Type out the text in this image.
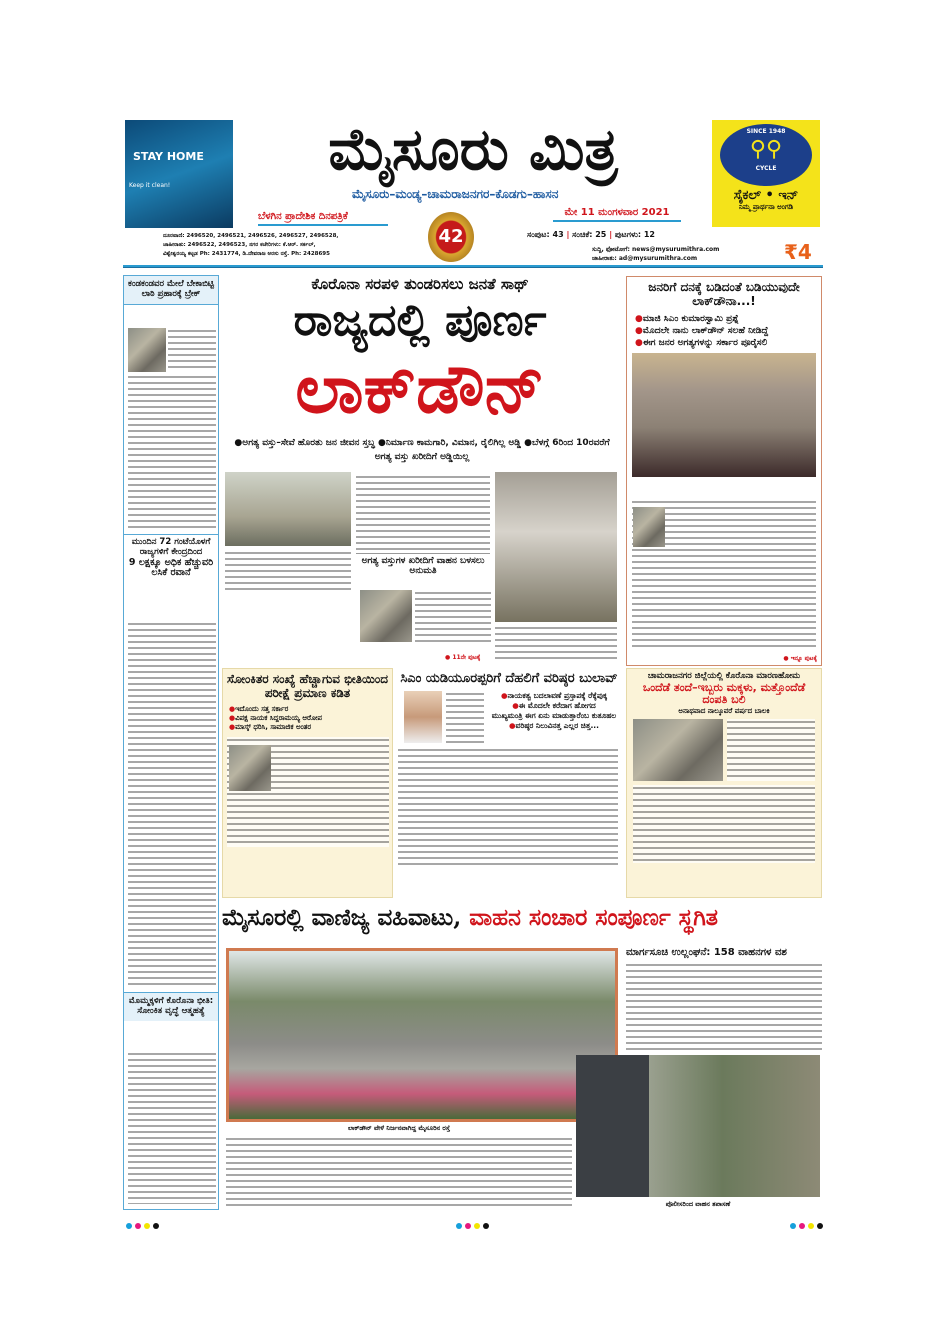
STAY HOME
Keep it clean!
ಮೈಸೂರು ಮಿತ್ರ
ಮೈಸೂರು–ಮಂಡ್ಯ–ಚಾಮರಾಜನಗರ–ಕೊಡಗು–ಹಾಸನ
ಬೆಳಗಿನ ಪ್ರಾದೇಶಿಕ ದಿನಪತ್ರಿಕೆ
42
ಮೇ 11 ಮಂಗಳವಾರ 2021
ಸಂಪುಟ: 43 | ಸಂಚಿಕೆ: 25 | ಪುಟಗಳು: 12
ದೂರವಾಣಿ: 2496520, 2496521, 2496526, 2496527, 2496528,
ಜಾಹೀರಾತು: 2496522, 2496523, ನಗರ ಕಚೇರಿಗಳು: ಕೆ.ಆರ್. ಸರ್ಕಲ್,
ವಿಶ್ವೇಶ್ವರಯ್ಯ ಕಟ್ಟಡ Ph: 2431774, ಡಿ.ದೇವರಾಜ ಅರಸು ರಸ್ತೆ. Ph: 2428695
ಸುದ್ದಿ, ಫೋಟೋಗೆ: news@mysurumithra.com
ಜಾಹೀರಾತು: ad@mysurumithra.com	₹4
SINCE 1948
⚲⚲
CYCLE
ಸೈಕಲ್ • ಇನ್
ನಿಮ್ಮ ಪ್ರಾರ್ಥನಾ ಅಂಗಡಿ
ಕಂಡಕಂಡವರ ಮೇಲೆ ಬೇಕಾಬಿಟ್ಟಿ ಲಾಠಿ ಪ್ರಹಾರಕ್ಕೆ ಬ್ರೇಕ್
ಮುಂದಿನ 72 ಗಂಟೆಯೊಳಗೆ ರಾಜ್ಯಗಳಿಗೆ ಕೇಂದ್ರದಿಂದ
9 ಲಕ್ಷಕ್ಕೂ ಅಧಿಕ ಹೆಚ್ಚುವರಿ ಲಸಿಕೆ ರವಾನೆ
ಮೊಮ್ಮಕ್ಕಳಿಗೆ ಕೊರೊನಾ ಭೀತಿ: ಸೋಂಕಿತ ವೃದ್ಧೆ ಆತ್ಮಹತ್ಯೆ
ಕೊರೊನಾ ಸರಪಳಿ ತುಂಡರಿಸಲು ಜನತೆ ಸಾಥ್
ರಾಜ್ಯದಲ್ಲಿ ಪೂರ್ಣ
ಲಾಕ್‌ಡೌನ್
●ಅಗತ್ಯ ವಸ್ತು–ಸೇವೆ ಹೊರತು ಜನ ಜೀವನ ಸ್ತಬ್ಧ ●ನಿರ್ಮಾಣ ಕಾಮಗಾರಿ, ವಿಮಾನ, ರೈಲಿಗಿಲ್ಲ ಅಡ್ಡಿ ●ಬೆಳಗ್ಗೆ 6ರಿಂದ 10ರವರೆಗೆ ಅಗತ್ಯ ವಸ್ತು ಖರೀದಿಗೆ ಅಡ್ಡಿಯಿಲ್ಲ
ಅಗತ್ಯ ವಸ್ತುಗಳ ಖರೀದಿಗೆ ವಾಹನ ಬಳಸಲು ಅನುಮತಿ
● 11ನೇ ಪುಟಕ್ಕೆ
ಜನರಿಗೆ ದನಕ್ಕೆ ಬಡಿದಂತೆ ಬಡಿಯುವುದೇ ಲಾಕ್‌ಡೌನಾ...!
●ಮಾಜಿ ಸಿಎಂ ಕುಮಾರಸ್ವಾಮಿ ಪ್ರಶ್ನೆ
●ಮೊದಲೇ ನಾನು ಲಾಕ್‌ಡೌನ್ ಸಲಹೆ ನೀಡಿದ್ದೆ
●ಈಗ ಜನರ ಅಗತ್ಯಗಳನ್ನು ಸರ್ಕಾರ ಪೂರೈಸಲಿ
● ಇನ್ನೂ ಪುಟಕ್ಕೆ
ಸೋಂಕಿತರ ಸಂಖ್ಯೆ ಹೆಚ್ಚಾಗುವ ಭೀತಿಯಿಂದ ಪರೀಕ್ಷೆ ಪ್ರಮಾಣ ಕಡಿತ
●ಇದೊಂದು ಸತ್ತ ಸರ್ಕಾರ
●ವಿಪಕ್ಷ ನಾಯಕ ಸಿದ್ದರಾಮಯ್ಯ ಆರೋಪ
●ಮಾಸ್ಕ್ ಧರಿಸಿ, ಸಾಮಾಜಿಕ ಅಂತರ
ಸಿಎಂ ಯಡಿಯೂರಪ್ಪರಿಗೆ ದೆಹಲಿಗೆ ವರಿಷ್ಠರ ಬುಲಾವ್
●ನಾಯಕತ್ವ ಬದಲಾವಣೆ ಪ್ರಸ್ತಾಪಕ್ಕೆ ರೆಕ್ಕೆಪುಕ್ಕ
●ಈ ಮೊದಲೇ ಕರೆದಾಗ ಹೋಗದ
ಮುಖ್ಯಮಂತ್ರಿ ಈಗ ಏನು ಮಾಡುತ್ತಾರೆಂಬ ಕುತೂಹಲ
●ವರಿಷ್ಠರ ನಿಲುವಿನತ್ತ ಎಲ್ಲರ ಚಿತ್ತ...
ಚಾಮರಾಜನಗರ ಜಿಲ್ಲೆಯಲ್ಲಿ ಕೊರೊನಾ ಮಾರಣಹೋಮ
ಒಂದೆಡೆ ತಂದೆ–ಇಬ್ಬರು ಮಕ್ಕಳು, ಮತ್ತೊಂದೆಡೆ ದಂಪತಿ ಬಲಿ
ಅನಾಥವಾದ ನಾಲ್ಕೂವರೆ ವರ್ಷದ ಬಾಲಕಿ
ಮೈಸೂರಲ್ಲಿ ವಾಣಿಜ್ಯ ವಹಿವಾಟು, ವಾಹನ ಸಂಚಾರ ಸಂಪೂರ್ಣ ಸ್ಥಗಿತ
ಲಾಕ್‌ಡೌನ್ ವೇಳೆ ನಿರ್ಜನವಾಗಿದ್ದ ಮೈಸೂರಿನ ರಸ್ತೆ
ಮಾರ್ಗಸೂಚಿ ಉಲ್ಲಂಘನೆ: 158 ವಾಹನಗಳ ವಶ
ಪೊಲೀಸರಿಂದ ವಾಹನ ತಪಾಸಣೆ
